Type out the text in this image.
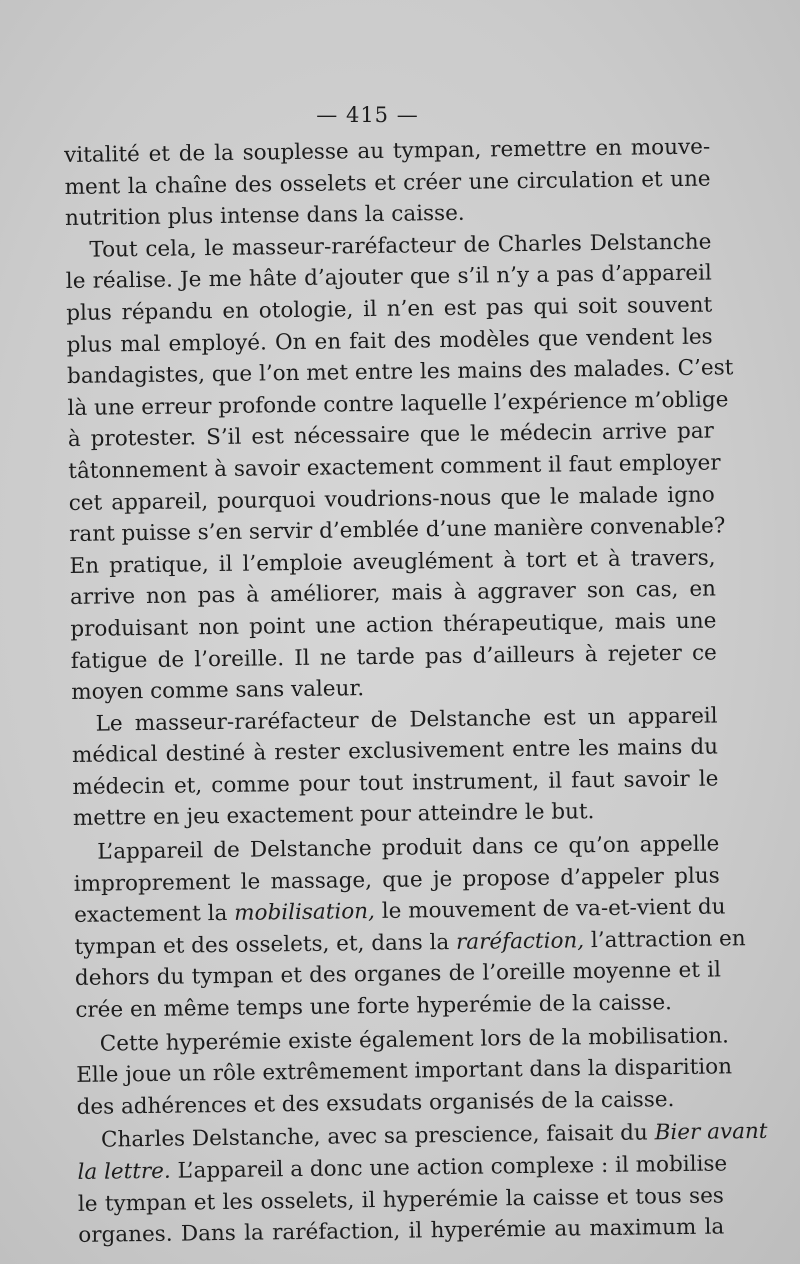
— 415 —
vitalité et de la souplesse au tympan, remettre en mouve-
ment la chaîne des osselets et créer une circulation et une
nutrition plus intense dans la caisse.
Tout cela, le masseur-raréfacteur de Charles Delstanche
le réalise. Je me hâte d’ajouter que s’il n’y a pas d’appareil
plus répandu en otologie, il n’en est pas qui soit souvent
plus mal employé. On en fait des modèles que vendent les
bandagistes, que l’on met entre les mains des malades. C’est
là une erreur profonde contre laquelle l’expérience m’oblige
à protester. S’il est nécessaire que le médecin arrive par
tâtonnement à savoir exactement comment il faut employer
cet appareil, pourquoi voudrions-nous que le malade igno
rant puisse s’en servir d’emblée d’une manière convenable?
En pratique, il l’emploie aveuglément à tort et à travers,
arrive non pas à améliorer, mais à aggraver son cas, en
produisant non point une action thérapeutique, mais une
fatigue de l’oreille. Il ne tarde pas d’ailleurs à rejeter ce
moyen comme sans valeur.
Le masseur-raréfacteur de Delstanche est un appareil
médical destiné à rester exclusivement entre les mains du
médecin et, comme pour tout instrument, il faut savoir le
mettre en jeu exactement pour atteindre le but.
L’appareil de Delstanche produit dans ce qu’on appelle
improprement le massage, que je propose d’appeler plus
exactement la mobilisation, le mouvement de va-et-vient du
tympan et des osselets, et, dans la raréfaction, l’attraction en
dehors du tympan et des organes de l’oreille moyenne et il
crée en même temps une forte hyperémie de la caisse.
Cette hyperémie existe également lors de la mobilisation.
Elle joue un rôle extrêmement important dans la disparition
des adhérences et des exsudats organisés de la caisse.
Charles Delstanche, avec sa prescience, faisait du Bier avant
la lettre. L’appareil a donc une action complexe : il mobilise
le tympan et les osselets, il hyperémie la caisse et tous ses
organes. Dans la raréfaction, il hyperémie au maximum la
